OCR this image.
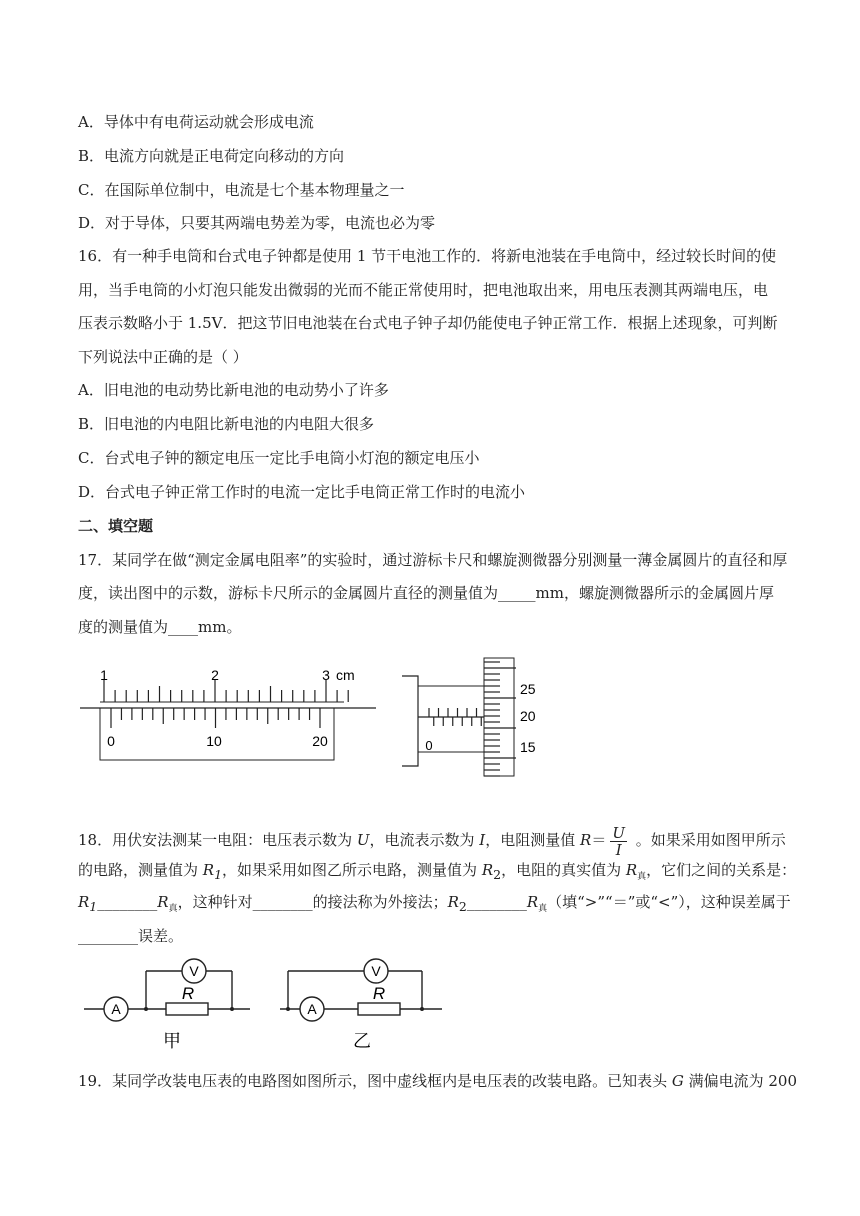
A．导体中有电荷运动就会形成电流
B．电流方向就是正电荷定向移动的方向
C．在国际单位制中，电流是七个基本物理量之一
D．对于导体，只要其两端电势差为零，电流也必为零
16．有一种手电筒和台式电子钟都是使用 1 节干电池工作的．将新电池装在手电筒中，经过较长时间的使
用，当手电筒的小灯泡只能发出微弱的光而不能正常使用时，把电池取出来，用电压表测其两端电压，电
压表示数略小于 1.5V．把这节旧电池装在台式电子钟子却仍能使电子钟正常工作．根据上述现象，可判断
下列说法中正确的是（ ）
A．旧电池的电动势比新电池的电动势小了许多
B．旧电池的内电阻比新电池的内电阻大很多
C．台式电子钟的额定电压一定比手电筒小灯泡的额定电压小
D．台式电子钟正常工作时的电流一定比手电筒正常工作时的电流小
二、填空题
17．某同学在做“测定金属电阻率”的实验时，通过游标卡尺和螺旋测微器分别测量一薄金属圆片的直径和厚
度，读出图中的示数，游标卡尺所示的金属圆片直径的测量值为_____mm，螺旋测微器所示的金属圆片厚
度的测量值为____mm。
1	2	3 cm
0	10	20	0
25
20
15
18．用伏安法测某一电阻：电压表示数为 U，电流表示数为 I，电阻测量值 $R= \frac{U}{I}$ 。如果采用如图甲所示
的电路，测量值为 $R_1$，如果采用如图乙所示电路，测量值为 $R_2$，电阻的真实值为 $R_真$，它们之间的关系是：
$R_1\_\_\_\_\_\_\_\_R_真$，这种针对________的接法称为外接法；$R_2\_\_\_\_\_\_\_\_R_真$（填“>”“＝”或“<”），这种误差属于
________误差。
A
V
R
甲
V
A
R
乙
19．某同学改装电压表的电路图如图所示，图中虚线框内是电压表的改装电路。已知表头 G 满偏电流为 200
